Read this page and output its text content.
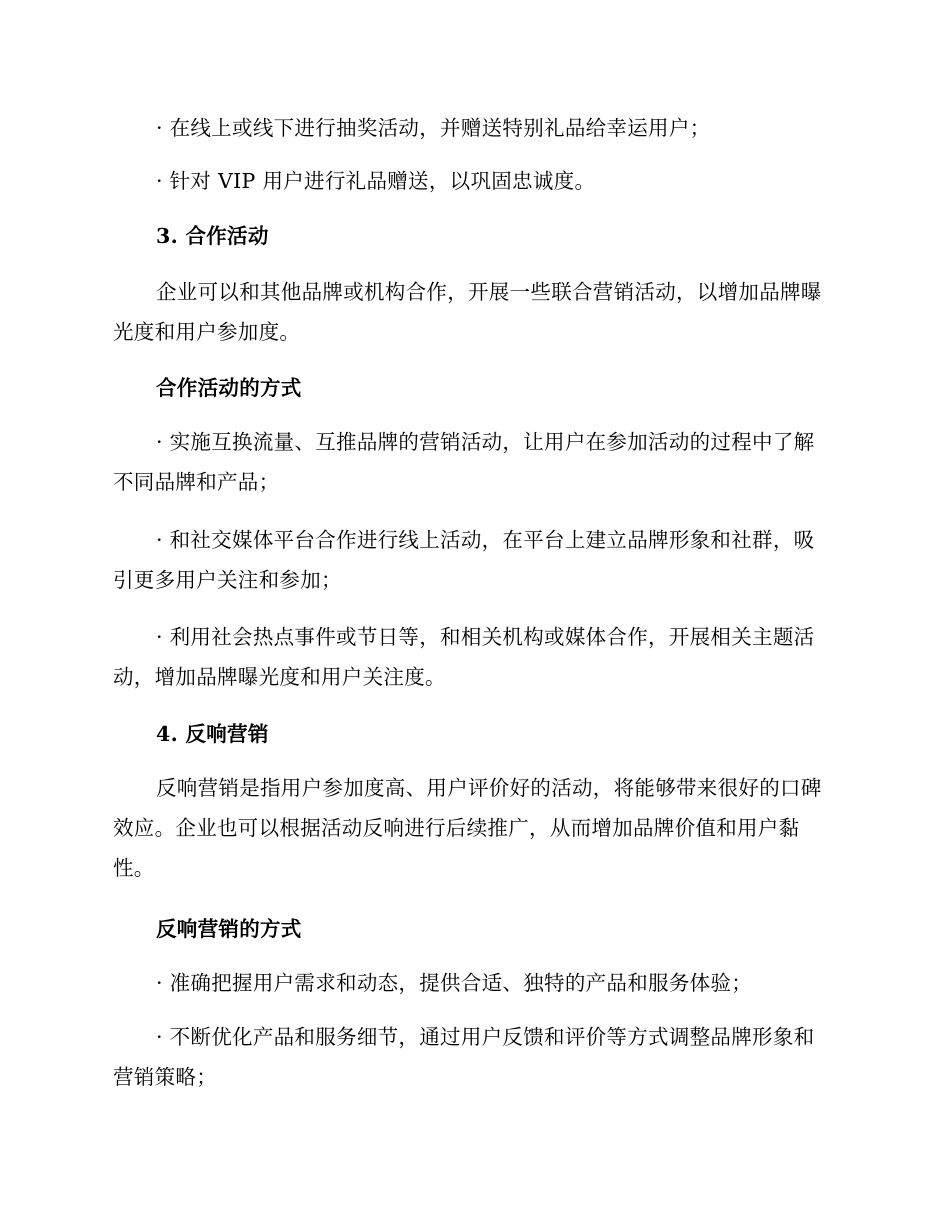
· 在线上或线下进行抽奖活动，并赠送特别礼品给幸运用户；

· 针对 VIP 用户进行礼品赠送，以巩固忠诚度。

3. 合作活动

企业可以和其他品牌或机构合作，开展一些联合营销活动，以增加品牌曝光度和用户参加度。

合作活动的方式

· 实施互换流量、互推品牌的营销活动，让用户在参加活动的过程中了解不同品牌和产品；

· 和社交媒体平台合作进行线上活动，在平台上建立品牌形象和社群，吸引更多用户关注和参加；

· 利用社会热点事件或节日等，和相关机构或媒体合作，开展相关主题活动，增加品牌曝光度和用户关注度。

4. 反响营销

反响营销是指用户参加度高、用户评价好的活动，将能够带来很好的口碑效应。企业也可以根据活动反响进行后续推广，从而增加品牌价值和用户黏性。

反响营销的方式

· 准确把握用户需求和动态，提供合适、独特的产品和服务体验；

· 不断优化产品和服务细节，通过用户反馈和评价等方式调整品牌形象和营销策略；
